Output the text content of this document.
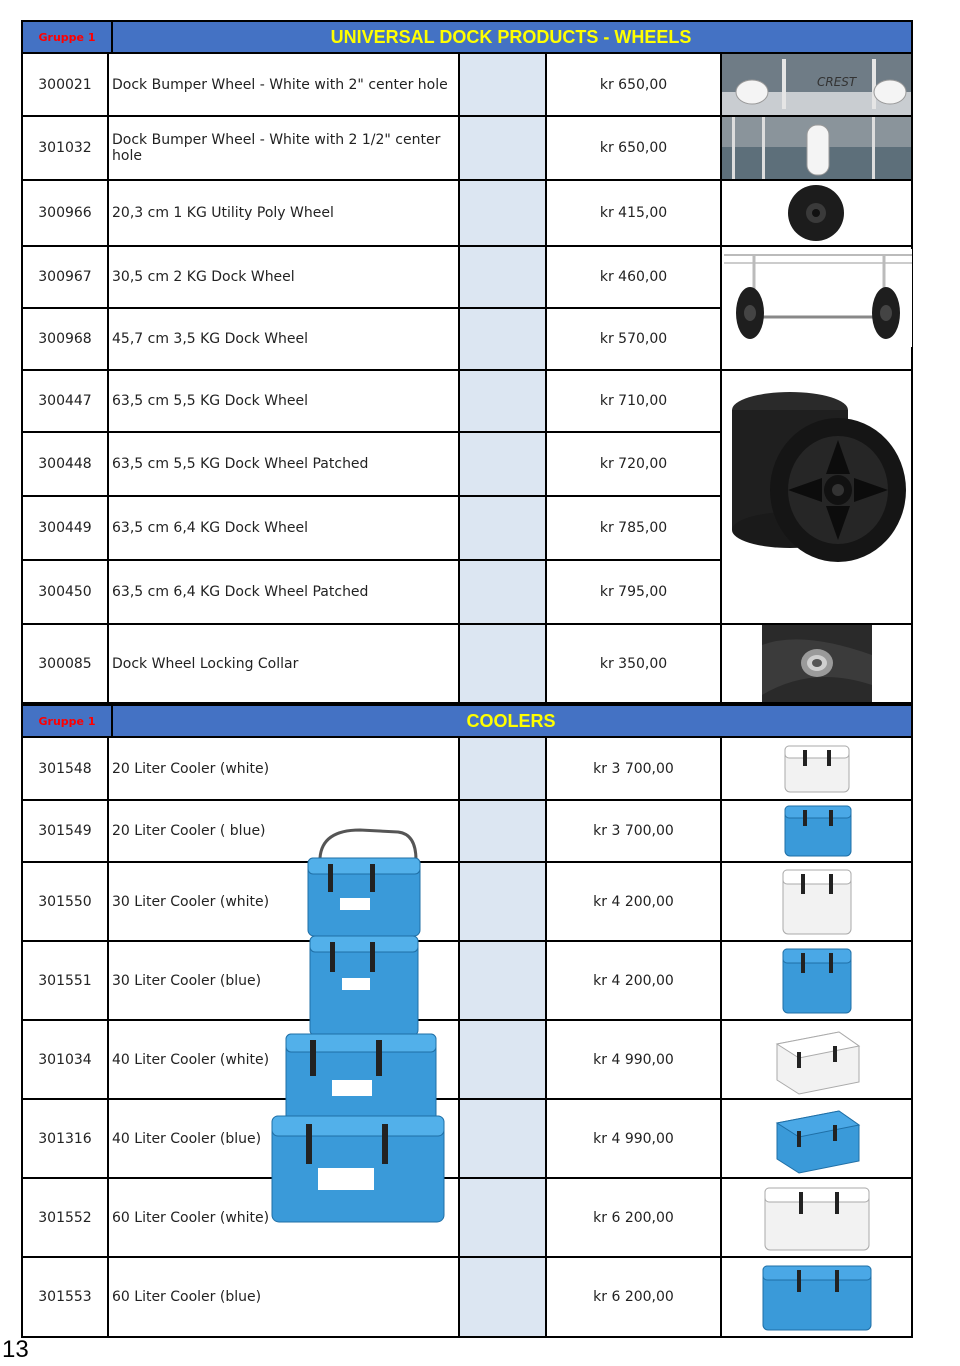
Gruppe 1	UNIVERSAL DOCK PRODUCTS - WHEELS
300021	Dock Bumper Wheel - White with 2" center hole	kr 650,00	CREST
301032	Dock Bumper Wheel - White with 2 1/2" center hole	kr 650,00
300966	20,3 cm 1 KG Utility Poly Wheel	kr 415,00
300967	30,5 cm 2 KG Dock Wheel	kr 460,00
300968	45,7 cm 3,5 KG Dock Wheel	kr 570,00
300447	63,5 cm 5,5 KG Dock Wheel	kr 710,00
300448	63,5 cm 5,5 KG Dock Wheel Patched	kr 720,00
300449	63,5 cm 6,4 KG Dock Wheel	kr 785,00
300450	63,5 cm 6,4 KG Dock Wheel Patched	kr 795,00
300085	Dock Wheel Locking Collar	kr 350,00
Gruppe 1	COOLERS
301548	20 Liter Cooler (white)	kr 3 700,00
301549	20 Liter Cooler ( blue)	kr 3 700,00
301550	30 Liter Cooler (white)	kr 4 200,00
301551	30 Liter Cooler (blue)	kr 4 200,00
301034	40 Liter Cooler (white)	kr 4 990,00
301316	40 Liter Cooler (blue)	kr 4 990,00
301552	60 Liter Cooler (white)	kr 6 200,00
301553	60 Liter Cooler (blue)	kr 6 200,00
13
